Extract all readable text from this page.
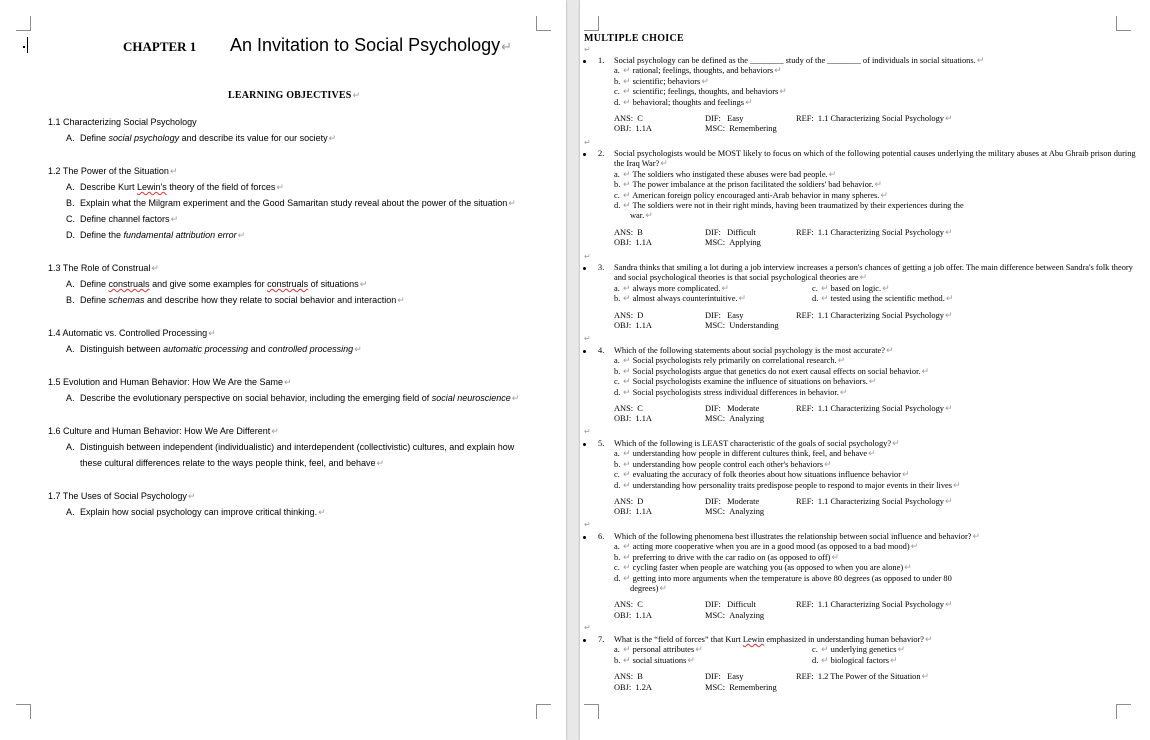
CHAPTER 1 An Invitation to Social Psychology↵
LEARNING OBJECTIVES↵
1.1 Characterizing Social Psychology
A. Define social psychology and describe its value for our society↵
1.2 The Power of the Situation↵
A. Describe Kurt Lewin's theory of the field of forces↵
B. Explain what the Milgram experiment and the Good Samaritan study reveal about the power of the situation↵
C. Define channel factors↵
D. Define the fundamental attribution error↵
1.3 The Role of Construal↵
A. Define construals and give some examples for construals of situations↵
B. Define schemas and describe how they relate to social behavior and interaction↵
1.4 Automatic vs. Controlled Processing↵
A. Distinguish between automatic processing and controlled processing↵
1.5 Evolution and Human Behavior: How We Are the Same↵
A. Describe the evolutionary perspective on social behavior, including the emerging field of social neuroscience↵
1.6 Culture and Human Behavior: How We Are Different↵
A. Distinguish between independent (individualistic) and interdependent (collectivistic) cultures, and explain how
these cultural differences relate to the ways people think, feel, and behave↵
1.7 The Uses of Social Psychology↵
A. Explain how social psychology can improve critical thinking.↵
MULTIPLE CHOICE
↵
1. Social psychology can be defined as the ________ study of the ________ of individuals in social situations.↵
a. ↵ rational; feelings, thoughts, and behaviors↵
b. ↵ scientific; behaviors↵
c. ↵ scientific; feelings, thoughts, and behaviors↵
d. ↵ behavioral; thoughts and feelings↵
ANS: C	DIF: Easy	REF: 1.1 Characterizing Social Psychology↵
OBJ: 1.1A	MSC: Remembering
↵
2. Social psychologists would be MOST likely to focus on which of the following potential causes underlying the military abuses at Abu Ghraib prison during the Iraq War?↵
a. ↵ The soldiers who instigated these abuses were bad people.↵
b. ↵ The power imbalance at the prison facilitated the soldiers' bad behavior.↵
c. ↵ American foreign policy encouraged anti-Arab behavior in many spheres.↵
d. ↵ The soldiers were not in their right minds, having been traumatized by their experiences during the
war.↵
ANS: B	DIF: Difficult	REF: 1.1 Characterizing Social Psychology↵
OBJ: 1.1A	MSC: Applying
↵
3. Sandra thinks that smiling a lot during a job interview increases a person's chances of getting a job offer. The main difference between Sandra's folk theory and social psychological theories is that social psychological theories are↵
a. ↵ always more complicated.↵	c. ↵ based on logic.↵
b. ↵ almost always counterintuitive.↵	d. ↵ tested using the scientific method.↵
ANS: D	DIF: Easy	REF: 1.1 Characterizing Social Psychology↵
OBJ: 1.1A	MSC: Understanding
↵
4. Which of the following statements about social psychology is the most accurate?↵
a. ↵ Social psychologists rely primarily on correlational research.↵
b. ↵ Social psychologists argue that genetics do not exert causal effects on social behavior.↵
c. ↵ Social psychologists examine the influence of situations on behaviors.↵
d. ↵ Social psychologists stress individual differences in behavior.↵
ANS: C	DIF: Moderate	REF: 1.1 Characterizing Social Psychology↵
OBJ: 1.1A	MSC: Analyzing
↵
5. Which of the following is LEAST characteristic of the goals of social psychology?↵
a. ↵ understanding how people in different cultures think, feel, and behave↵
b. ↵ understanding how people control each other's behaviors↵
c. ↵ evaluating the accuracy of folk theories about how situations influence behavior↵
d. ↵ understanding how personality traits predispose people to respond to major events in their lives↵
ANS: D	DIF: Moderate	REF: 1.1 Characterizing Social Psychology↵
OBJ: 1.1A	MSC: Analyzing
↵
6. Which of the following phenomena best illustrates the relationship between social influence and behavior?↵
a. ↵ acting more cooperative when you are in a good mood (as opposed to a bad mood)↵
b. ↵ preferring to drive with the car radio on (as opposed to off)↵
c. ↵ cycling faster when people are watching you (as opposed to when you are alone)↵
d. ↵ getting into more arguments when the temperature is above 80 degrees (as opposed to under 80
degrees)↵
ANS: C	DIF: Difficult	REF: 1.1 Characterizing Social Psychology↵
OBJ: 1.1A	MSC: Analyzing
↵
7. What is the “field of forces” that Kurt Lewin emphasized in understanding human behavior?↵
a. ↵ personal attributes↵	c. ↵ underlying genetics↵
b. ↵ social situations↵	d. ↵ biological factors↵
ANS: B	DIF: Easy	REF: 1.2 The Power of the Situation↵
OBJ: 1.2A	MSC: Remembering
